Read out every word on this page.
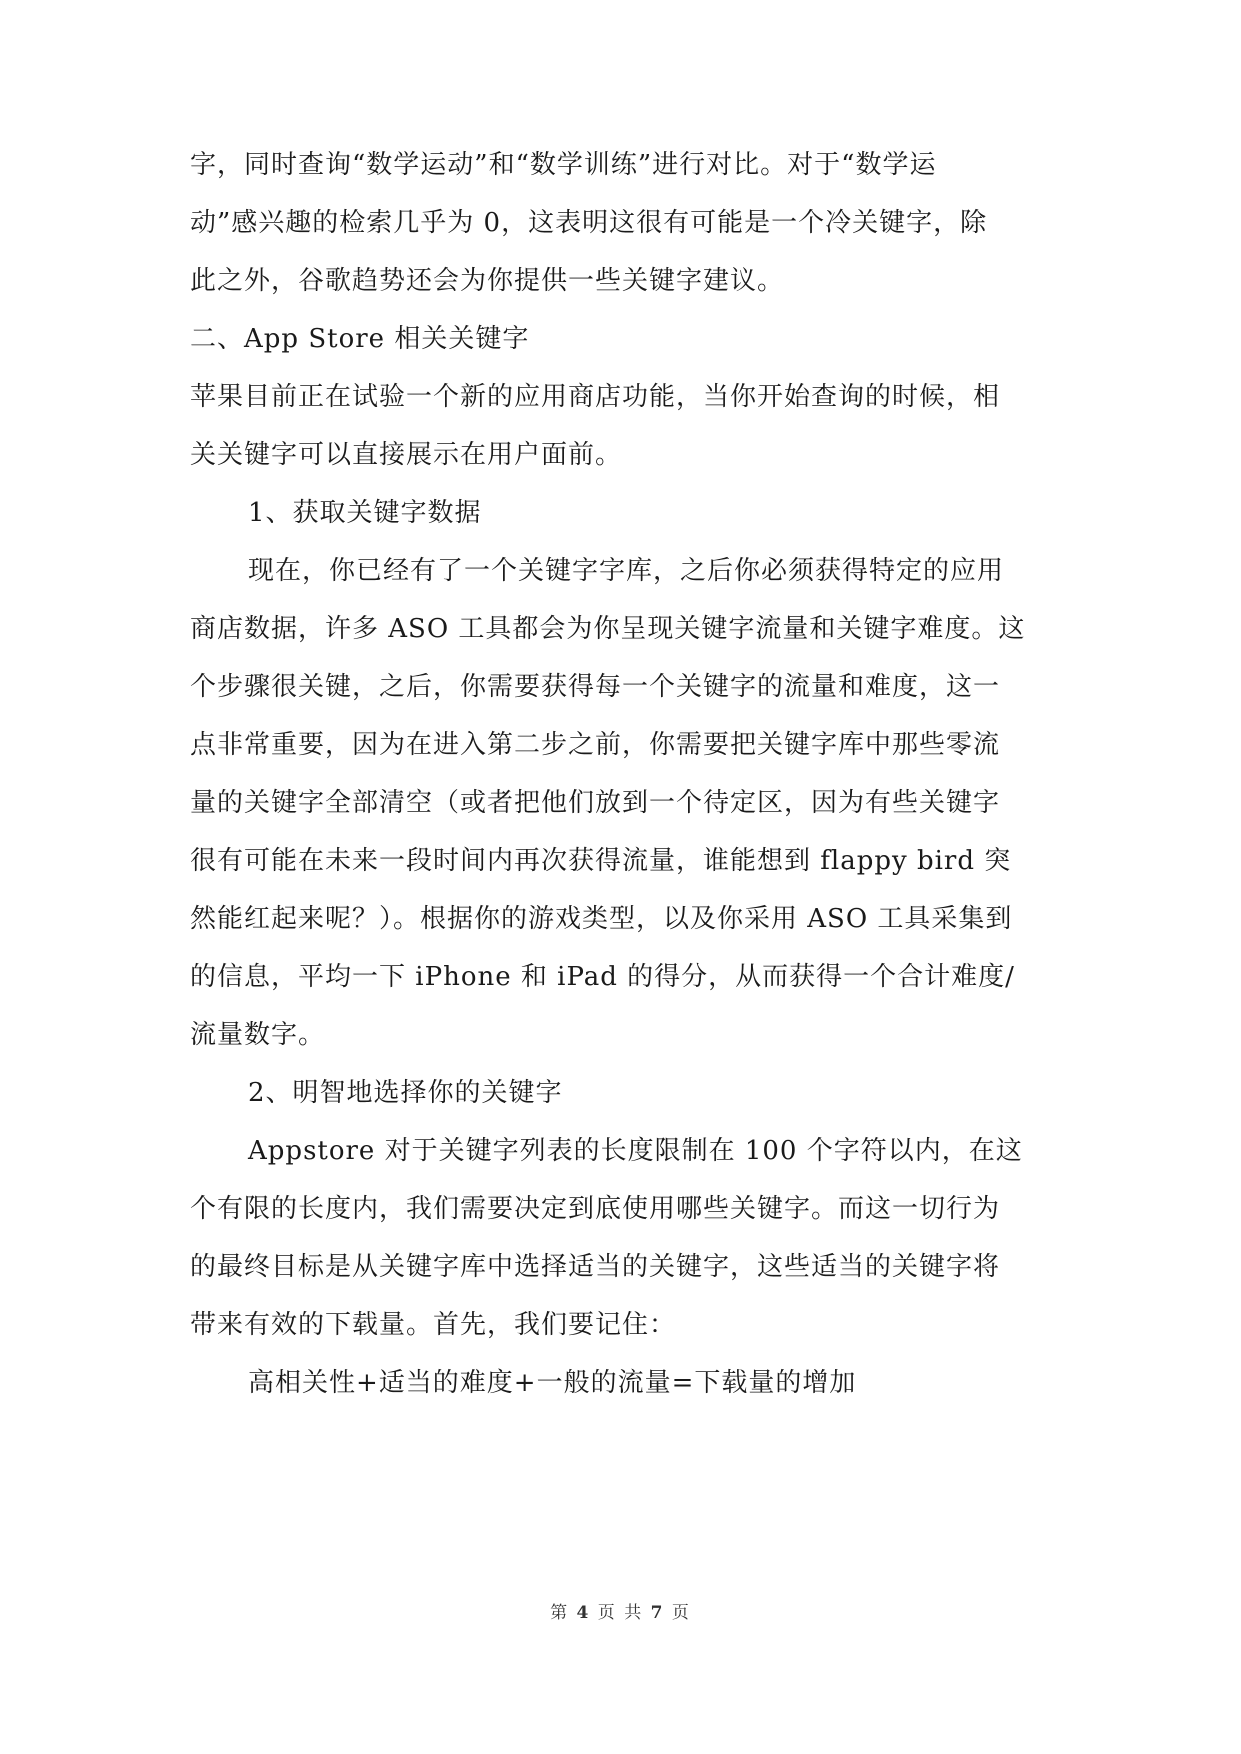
字，同时查询“数学运动”和“数学训练”进行对比。对于“数学运
动”感兴趣的检索几乎为 0，这表明这很有可能是一个冷关键字，除
此之外，谷歌趋势还会为你提供一些关键字建议。
二、App Store 相关关键字
苹果目前正在试验一个新的应用商店功能，当你开始查询的时候，相
关关键字可以直接展示在用户面前。
1、获取关键字数据
现在，你已经有了一个关键字字库，之后你必须获得特定的应用
商店数据，许多 ASO 工具都会为你呈现关键字流量和关键字难度。这
个步骤很关键，之后，你需要获得每一个关键字的流量和难度，这一
点非常重要，因为在进入第二步之前，你需要把关键字库中那些零流
量的关键字全部清空（或者把他们放到一个待定区，因为有些关键字
很有可能在未来一段时间内再次获得流量，谁能想到 flappy bird 突
然能红起来呢？）。根据你的游戏类型，以及你采用 ASO 工具采集到
的信息，平均一下 iPhone 和 iPad 的得分，从而获得一个合计难度/
流量数字。
2、明智地选择你的关键字
Appstore 对于关键字列表的长度限制在 100 个字符以内，在这
个有限的长度内，我们需要决定到底使用哪些关键字。而这一切行为
的最终目标是从关键字库中选择适当的关键字，这些适当的关键字将
带来有效的下载量。首先，我们要记住：
高相关性+适当的难度+一般的流量=下载量的增加
第 4 页 共 7 页
